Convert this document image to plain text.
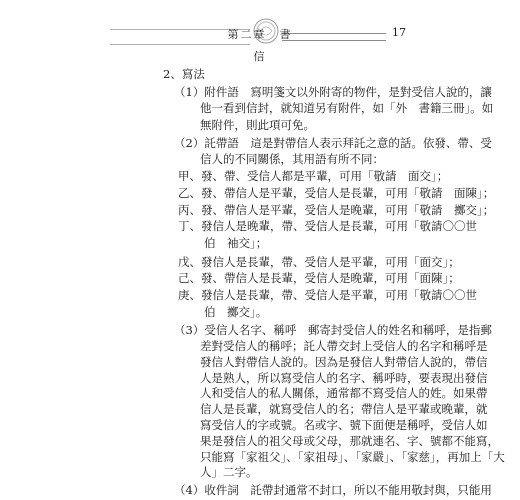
第二章　書　信
17
2、寫法
（1）附件語　寫明箋文以外附寄的物件，是對受信人說的，讓
他一看到信封，就知道另有附件，如「外　書籍三冊」。如
無附件，則此項可免。
（2）託帶語　這是對帶信人表示拜託之意的話。依發、帶、受
信人的不同關係，其用語有所不同：
甲、發、帶、受信人都是平輩，可用「敬請　面交」；
乙、發、帶信人是平輩，受信人是長輩，可用「敬請　面陳」；
丙、發、帶信人是平輩，受信人是晚輩，可用「敬請　擲交」；
丁、發信人是晚輩，帶、受信人是長輩，可用「敬請〇〇世
伯　袖交」；
戊、發信人是長輩，帶、受信人是平輩，可用「面交」；
己、發、帶信人是長輩，受信人是晚輩，可用「面陳」；
庚、發信人是長輩，帶、受信人是平輩，可用「敬請〇〇世
伯　擲交」。
（3）受信人名字、稱呼　郵寄封受信人的姓名和稱呼，是指郵
差對受信人的稱呼；託人帶交封上受信人的名字和稱呼是
發信人對帶信人說的。因為是發信人對帶信人說的，帶信
人是熟人，所以寫受信人的名字、稱呼時，要表現出發信
人和受信人的私人關係，通常都不寫受信人的姓。如果帶
信人是長輩，就寫受信人的名；帶信人是平輩或晚輩，就
寫受信人的字或號。名或字、號下面便是稱呼，受信人如
果是發信人的祖父母或父母，那就連名、字、號都不能寫，
只能寫「家祖父」、「家祖母」、「家嚴」、「家慈」，再加上「大
人」二字。
（4）收件詞　託帶封通常不封口，所以不能用敬封與，只能用
